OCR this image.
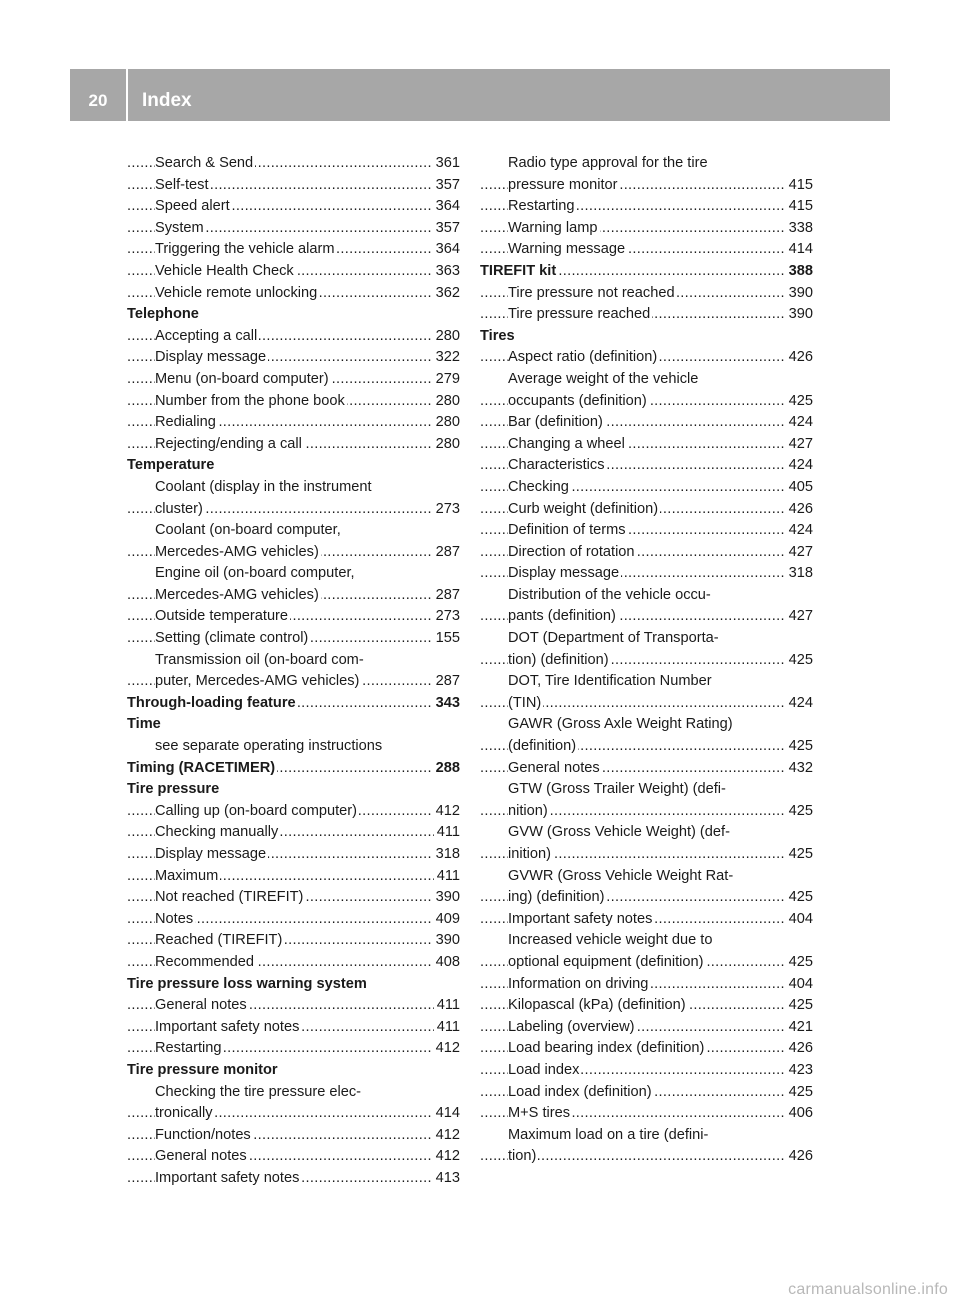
20	Index
Search & Send	361
.....
Self-test	357
.....
Speed alert	364
.....
System	357
.....
Triggering the vehicle alarm	364
.....
Vehicle Health Check	363
.....
Vehicle remote unlocking	362
.....
Telephone
Accepting a call	280
.....
Display message	322
.....
Menu (on-board computer)	279
.....
Number from the phone book	280
.....
Redialing	280
.....
Rejecting/ending a call	280
.....
Temperature
Coolant (display in the instrument
cluster)	273
.....
Coolant (on-board computer,
Mercedes-AMG vehicles)	287
.....
Engine oil (on-board computer,
Mercedes-AMG vehicles)	287
.....
Outside temperature	273
.....
Setting (climate control)	155
.....
Transmission oil (on-board com-
puter, Mercedes-AMG vehicles)	287
.....
Through-loading feature	343
.....
Time
see separate operating instructions
Timing (RACETIMER)	288
.....
Tire pressure
Calling up (on-board computer)	412
.....
Checking manually	411
.....
Display message	318
.....
Maximum	411
.....
Not reached (TIREFIT)	390
.....
Notes	409
.....
Reached (TIREFIT)	390
.....
Recommended	408
.....
Tire pressure loss warning system
General notes	411
.....
Important safety notes	411
.....
Restarting	412
.....
Tire pressure monitor
Checking the tire pressure elec-
tronically	414
.....
Function/notes	412
.....
General notes	412
.....
Important safety notes	413
.....
Radio type approval for the tire
pressure monitor	415
.....
Restarting	415
.....
Warning lamp	338
.....
Warning message	414
.....
TIREFIT kit	388
.....
Tire pressure not reached	390
.....
Tire pressure reached	390
.....
Tires
Aspect ratio (definition)	426
.....
Average weight of the vehicle
occupants (definition)	425
.....
Bar (definition)	424
.....
Changing a wheel	427
.....
Characteristics	424
.....
Checking	405
.....
Curb weight (definition)	426
.....
Definition of terms	424
.....
Direction of rotation	427
.....
Display message	318
.....
Distribution of the vehicle occu-
pants (definition)	427
.....
DOT (Department of Transporta-
tion) (definition)	425
.....
DOT, Tire Identification Number
(TIN)	424
.....
GAWR (Gross Axle Weight Rating)
(definition)	425
.....
General notes	432
.....
GTW (Gross Trailer Weight) (defi-
nition)	425
.....
GVW (Gross Vehicle Weight) (def-
inition)	425
.....
GVWR (Gross Vehicle Weight Rat-
ing) (definition)	425
.....
Important safety notes	404
.....
Increased vehicle weight due to
optional equipment (definition)	425
.....
Information on driving	404
.....
Kilopascal (kPa) (definition)	425
.....
Labeling (overview)	421
.....
Load bearing index (definition)	426
.....
Load index	423
.....
Load index (definition)	425
.....
M+S tires	406
.....
Maximum load on a tire (defini-
tion)	426
.....
carmanualsonline.info
